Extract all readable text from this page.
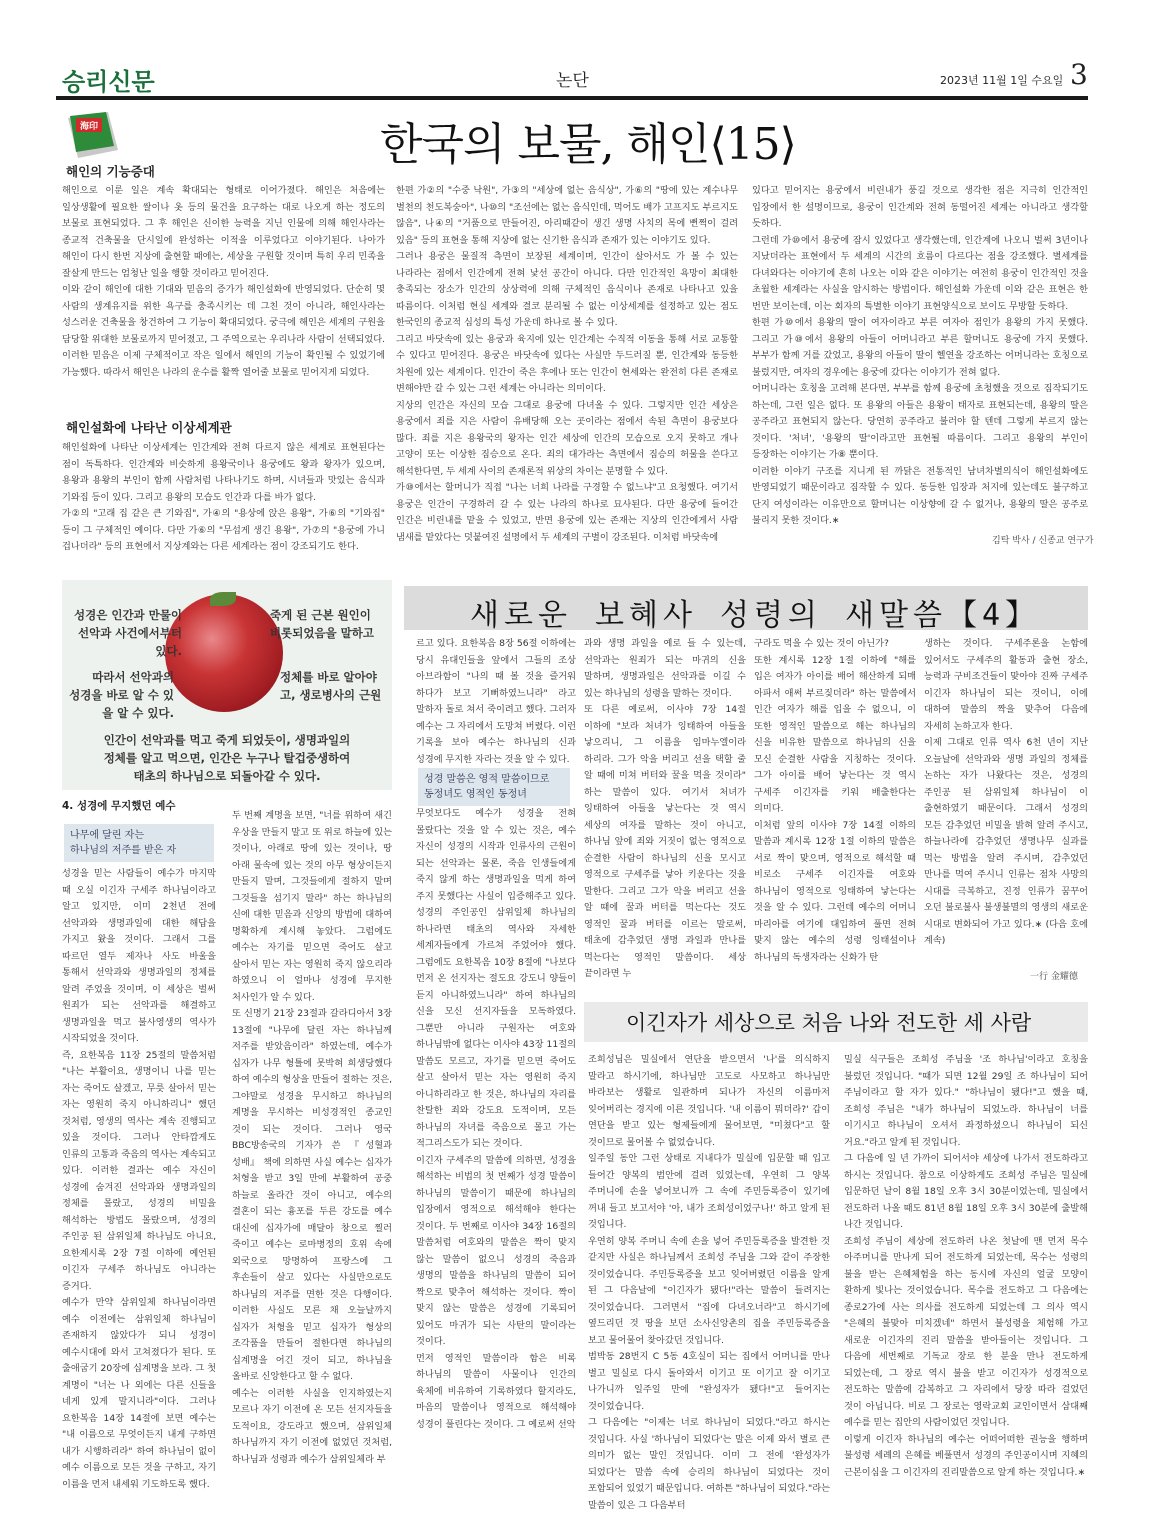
승리신문	논단	2023년 11월 1일 수요일 3
海印	한국의 보물, 해인⟨15⟩
해인의 기능증대
해인으로 이룬 일은 계속 확대되는 형태로 이어가졌다. 해인은 처음에는 일상생활에 필요한 쌀이나 옷 등의 물건을 요구하는 대로 나오게 하는 정도의 보물로 표현되었다. 그 후 해인은 신이한 능력을 지닌 인물에 의해 해인사라는 종교적 건축물을 단시일에 완성하는 이적을 이루었다고 이야기된다. 나아가 해인이 다시 한번 지상에 출현할 때에는, 세상을 구원할 것이며 특히 우리 민족을 잘살게 만드는 엄청난 일을 행할 것이라고 믿어진다.
이와 같이 해인에 대한 기대와 믿음의 증가가 해인설화에 반영되었다. 단순히 몇 사람의 생계유지를 위한 욕구를 충족시키는 데 그친 것이 아니라, 해인사라는 성스러운 건축물을 창건하여 그 기능이 확대되었다. 궁극에 해인은 세계의 구원을 담당할 위대한 보물로까지 믿어졌고, 그 주역으로는 우리나라 사람이 선택되었다. 이러한 믿음은 이제 구체적이고 작은 일에서 해인의 기능이 확인될 수 있었기에 가능했다. 따라서 해인은 나라의 운수를 활짝 열어줄 보물로 믿어지게 되었다.
해인설화에 나타난 이상세계관
해인설화에 나타난 이상세계는 인간계와 전혀 다르지 않은 세계로 표현된다는 점이 독특하다. 인간계와 비슷하게 용왕국이나 용궁에도 왕과 왕자가 있으며, 용왕과 용왕의 부인이 함께 사람처럼 나타나기도 하며, 시녀들과 맛있는 음식과 기와집 등이 있다. 그리고 용왕의 모습도 인간과 다를 바가 없다.
가②의 "고래 집 같은 큰 기와집", 가④의 "용상에 앉은 용왕", 가⑥의 "기와집" 등이 그 구체적인 예이다. 다만 가⑥의 "무섭게 생긴 용왕", 가⑦의 "용궁에 가니 겁나더라" 등의 표현에서 지상계와는 다른 세계라는 점이 강조되기도 한다.
한편 가②의 "수중 낙원", 가③의 "세상에 없는 음식상", 가⑥의 "땅에 있는 계수나무 별천의 천도복숭아", 나⑩의 "조선에는 없는 음식인데, 먹어도 배가 고프지도 부르지도 않음", 나④의 "거품으로 만들어진, 아리때같이 생긴 생명 사치의 목에 뻔쩍이 걸려 있음" 등의 표현을 통해 지상에 없는 신기한 음식과 존재가 있는 이야기도 있다.
그러나 용궁은 물질적 측면이 보장된 세계이며, 인간이 살아서도 가 볼 수 있는 나라라는 점에서 인간에게 전혀 낯선 공간이 아니다. 다만 인간적인 욕망이 최대한 충족되는 장소가 인간의 상상력에 의해 구체적인 음식이나 존재로 나타나고 있을 따름이다. 이처럼 현실 세계와 결코 분리될 수 없는 이상세계를 설정하고 있는 점도 한국인의 종교적 심성의 특성 가운데 하나로 볼 수 있다.
그리고 바닷속에 있는 용궁과 육지에 있는 인간계는 수직적 이동을 통해 서로 교통할 수 있다고 믿어진다. 용궁은 바닷속에 있다는 사실만 두드러질 뿐, 인간계와 동등한 차원에 있는 세계이다. 인간이 죽은 후에나 또는 인간이 현세와는 완전히 다른 존재로 변해야만 갈 수 있는 그런 세계는 아니라는 의미이다.
지상의 인간은 자신의 모습 그대로 용궁에 다녀올 수 있다. 그렇지만 인간 세상은 용궁에서 죄를 지은 사람이 유배당해 오는 곳이라는 점에서 속된 측면이 용궁보다 많다. 죄를 지은 용왕국의 왕자는 인간 세상에 인간의 모습으로 오지 못하고 개나 고양이 또는 이상한 짐승으로 온다. 죄의 대가라는 측면에서 짐승의 허물을 쓴다고 해석한다면, 두 세계 사이의 존재론적 위상의 차이는 분명할 수 있다.
가⑩에서는 할머니가 직접 "나는 너희 나라를 구경할 수 없느냐"고 요청했다. 여기서 용궁은 인간이 구경하러 갈 수 있는 나라의 하나로 묘사된다. 다만 용궁에 들어간 인간은 비린내를 맡을 수 있었고, 반면 용궁에 있는 존재는 지상의 인간에게서 사람 냄새를 맡았다는 덧붙여진 설명에서 두 세계의 구별이 강조된다. 이처럼 바닷속에
있다고 믿어지는 용궁에서 비린내가 풍길 것으로 생각한 점은 지극히 인간적인 입장에서 한 설명이므로, 용궁이 인간계와 전혀 동떨어진 세계는 아니라고 생각할 듯하다.
그런데 가⑩에서 용궁에 잠시 있었다고 생각했는데, 인간계에 나오니 벌써 3년이나 지났더라는 표현에서 두 세계의 시간의 흐름이 다르다는 점을 강조했다. 별세계를 다녀와다는 이야기에 흔히 나오는 이와 같은 이야기는 여전히 용궁이 인간적인 것을 초월한 세계라는 사실을 암시하는 방법이다. 해인설화 가운데 이와 같은 표현은 한 번만 보이는데, 이는 회자의 특별한 이야기 표현양식으로 보이도 무방할 듯하다.
한편 가⑩에서 용왕의 딸이 여자이라고 부른 여자아 점인가 용왕의 가지 못했다. 그리고 가⑩에서 용왕의 아들이 어머니라고 부른 할머니도 용궁에 가지 못했다. 부부가 함께 거를 갔었고, 용왕의 아들이 딸이 헬연을 강조하는 어머니라는 호칭으로 불렀지만, 여자의 경우에는 용궁에 갔다는 이야기가 전혀 없다.
어머니라는 호칭을 고려해 본다면, 부부를 함께 용궁에 초청했을 것으로 짐작되기도 하는데, 그런 일은 없다. 또 용왕의 아들은 용왕이 태자로 표현되는데, 용왕의 딸은 공주라고 표현되지 않는다. 당연히 공주라고 불러야 할 텐데 그렇게 부르지 않는 것이다. '처녀', '용왕의 딸'이라고만 표현될 따름이다. 그리고 용왕의 부인이 등장하는 이야기는 가⑧ 뿐이다.
이러한 이야기 구조를 지니게 된 까닭은 전통적인 남녀차별의식이 해인설화에도 반영되었기 때문이라고 짐작할 수 있다. 동등한 입장과 처지에 있는데도 불구하고 단지 여성이라는 이유만으로 할머니는 이상향에 갈 수 없거나, 용왕의 딸은 공주로 불리지 못한 것이다.∗
김탁 박사 / 신종교 연구가
성경은 인간과 만물이
선악과 사건에서부터
있다.
죽게 된 근본 원인이
비롯되었음을 말하고
따라서 선악과의
성경을 바로 알 수 있
을 알 수 있다.
정체를 바로 알아야
고, 생로병사의 근원
인간이 선악과를 먹고 죽게 되었듯이, 생명과일의
정체를 알고 먹으면, 인간은 누구나 탈겁중생하여
태초의 하나님으로 되돌아갈 수 있다.
새로운 보혜사 성령의 새말씀【4】
4. 성경에 무지했던 예수
나무에 달린 자는
하나님의 저주를 받은 자
성경을 믿는 사람들이 예수가 마지막 때 오실 이긴자 구세주 하나님이라고 알고 있지만, 이미 2천년 전에 선악과와 생명과일에 대한 해답을 가지고 왔을 것이다. 그래서 그를 따르던 열두 제자나 사도 바울을 통해서 선악과와 생명과일의 정체를 알려 주었을 것이며, 이 세상은 벌써 원죄가 되는 선악과를 해결하고 생명과일을 먹고 불사영생의 역사가 시작되었을 것이다.
즉, 요한복음 11장 25절의 말씀처럼 "나는 부활이요, 생명이니 나를 믿는 자는 죽어도 살겠고, 무릇 살아서 믿는 자는 영원히 죽지 아니하리니" 했던 것처럼, 영생의 역사는 계속 진행되고 있을 것이다. 그러나 안타깝게도 인류의 고통과 죽음의 역사는 계속되고 있다. 이러한 결과는 예수 자신이 성경에 숨겨진 선악과와 생명과일의 정체를 몰랐고, 성경의 비밀을 해석하는 방법도 몰랐으며, 성경의 주인공 된 삼위일체 하나님도 아니요, 요한계시록 2장 7절 이하에 예언된 이긴자 구세주 하나님도 아니라는 증거다.
예수가 만약 삼위일체 하나님이라면 예수 이전에는 삼위일체 하나님이 존재하지 않았다가 되니 성경이 예수시대에 와서 고쳐졌다가 된다. 또 출애굽기 20장에 십계명을 보라. 그 첫 계명이 "너는 나 외에는 다른 신들을 네게 있게 말지니라"이다. 그러나 요한복음 14장 14절에 보면 예수는 "내 이름으로 무엇이든지 내게 구하면 내가 시행하리라" 하여 하나님이 없이 예수 이름으로 모든 것을 구하고, 자기 이름을 먼저 내세워 기도하도록 했다.
두 번째 계명을 보면, "너를 위하여 새긴 우상을 만들지 말고 또 위로 하늘에 있는 것이나, 아래로 땅에 있는 것이나, 땅 아래 물속에 있는 것의 아무 형상이든지 만들지 말며, 그것들에게 절하지 말며 그것들을 섬기지 말라" 하는 하나님의 신에 대한 믿음과 신앙의 방법에 대하여 명확하게 계시해 놓았다. 그럼에도 예수는 자기를 믿으면 죽어도 살고 살아서 믿는 자는 영원히 죽지 않으리라 하였으니 이 얼마나 성경에 무지한 처사인가 알 수 있다.
또 신명기 21장 23절과 갈라디아서 3장 13절에 "나무에 달린 자는 하나님께 저주를 받았음이라" 하였는데, 예수가 십자가 나무 형틀에 못박혀 희생당했다 하여 예수의 형상을 만들어 절하는 것은, 그야말로 성경을 무시하고 하나님의 계명을 무시하는 비성경적인 종교인 것이 되는 것이다. 그러나 영국 BBC방송국의 기자가 쓴 『성혈과 성배』 책에 의하면 사실 예수는 십자가 처형을 받고 3일 만에 부활하여 공중 하늘로 올라간 것이 아니고, 예수의 결혼이 되는 흉포를 두른 강도를 예수 대신에 십자가에 매달아 창으로 찔러 죽이고 예수는 로마병정의 호위 속에 외국으로 망명하여 프랑스에 그 후손들이 살고 있다는 사실만으로도 하나님의 저주를 면한 것은 다행이다. 이러한 사실도 모른 채 오늘날까지 십자가 처형을 믿고 십자가 형상의 조각품을 만들어 절한다면 하나님의 십계명을 어긴 것이 되고, 하나님을 올바로 신앙한다고 할 수 없다.
예수는 이러한 사실을 인지하였는지 모르나 자기 이전에 온 모든 선지자들을 도적이요, 강도라고 했으며, 삼위일체 하나님까지 자기 이전에 없었던 것처럼, 하나님과 성령과 예수가 삼위일체라 부
르고 있다. 요한복음 8장 56절 이하에는 당시 유대인들을 앞에서 그들의 조상 아브라함이 "나의 때 볼 것을 즐거워 하다가 보고 기뻐하였느니라" 라고 말하자 돌로 쳐서 죽이려고 했다. 그러자 예수는 그 자리에서 도망쳐 버렸다. 이런 기록을 보아 예수는 하나님의 신과 성경에 무지한 자라는 것을 알 수 있다.
성경 말씀은 영적 말씀이므로
동정녀도 영적인 동정녀
무엇보다도 예수가 성경을 전혀 몰랐다는 것을 알 수 있는 것은, 예수 자신이 성경의 시작과 인류사의 근원이 되는 선악과는 물론, 죽음 인생들에게 죽지 않게 하는 생명과일을 먹게 하여 주지 못했다는 사실이 입증해주고 있다. 성경의 주인공인 삼위일체 하나님의 하나라면 태초의 역사와 자세한 세계자들에게 가르쳐 주었어야 했다. 그럼에도 요한복음 10장 8절에 "나보다 먼저 온 선지자는 절도요 강도니 양들이 듣지 아니하였느니라" 하여 하나님의 신을 모신 선지자들을 모독하였다. 그뿐만 아니라 구원자는 여호와 하나님밖에 없다는 이사야 43장 11절의 말씀도 모르고, 자기를 믿으면 죽어도 살고 살아서 믿는 자는 영원히 죽지 아니하리라고 한 것은, 하나님의 자리를 찬탈한 죄와 강도요 도적이며, 모든 하나님의 자녀를 죽음으로 몰고 가는 적그리스도가 되는 것이다.
이긴자 구세주의 말씀에 의하면, 성경을 해석하는 비법의 첫 번째가 성경 말씀이 하나님의 말씀이기 때문에 하나님의 입장에서 영적으로 해석해야 한다는 것이다. 두 번째로 이사야 34장 16절의 말씀처럼 여호와의 말씀은 짝이 맞지 않는 말씀이 없으니 성경의 죽음과 생명의 말씀을 하나님의 말씀이 되어 짝으로 맞추어 해석하는 것이다. 짝이 맞지 않는 말씀은 성경에 기록되어 있어도 마귀가 되는 사탄의 말이라는 것이다.
먼저 영적인 말씀이라 함은 비록 하나님의 말씀이 사물이나 인간의 육체에 비유하여 기록하였다 할지라도, 마음의 말씀이나 영적으로 해석해야 성경이 풀린다는 것이다. 그 예로써 선악
과와 생명 과일을 예로 들 수 있는데, 선악과는 원죄가 되는 마귀의 신을 말하며, 생명과일은 선악과를 이길 수 있는 하나님의 성령을 말하는 것이다.
또 다른 예로써, 이사야 7장 14절 이하에 "보라 처녀가 잉태하여 아들을 낳으리니, 그 이름을 임마누엘이라 하리라. 그가 악을 버리고 선을 택할 줄 알 때에 미쳐 버터와 꿀을 먹을 것이라" 하는 말씀이 있다. 여기서 처녀가 잉태하여 아들을 낳는다는 것 역시 세상의 여자를 말하는 것이 아니고, 하나님 앞에 죄와 거짓이 없는 영적으로 순결한 사람이 하나님의 신을 모시고 영적으로 구세주를 낳아 키운다는 것을 말한다. 그리고 그가 악을 버리고 선을 알 때에 꿀과 버터를 먹는다는 것도 영적인 꿀과 버터를 이르는 말로써, 태초에 감추었던 생명 과일과 만나를 먹는다는 영적인 말씀이다. 세상 끝이라면 누
구라도 먹을 수 있는 것이 아닌가?
또한 계시록 12장 1절 이하에 "해를 입은 여자가 아이를 배어 해산하게 되매 아파서 애써 부르짖더라" 하는 말씀에서 인간 여자가 해를 입을 수 없으니, 이 또한 영적인 말씀으로 해는 하나님의 신을 비유한 말씀으로 하나님의 신을 모신 순결한 사람을 지칭하는 것이다. 그가 아이를 배어 낳는다는 것 역시 구세주 이긴자를 키워 배출한다는 의미다.
이처럼 앞의 이사야 7장 14절 이하의 말씀과 계시록 12장 1절 이하의 말씀은 서로 짝이 맞으며, 영적으로 해석할 때 비로소 구세주 이긴자를 여호와 하나님이 영적으로 잉태하여 낳는다는 것을 알 수 있다. 그런데 예수의 어머니 마리아를 여기에 대입하여 풀면 전혀 맞지 않는 예수의 성령 잉태설이나 하나님의 독생자라는 신화가 탄
생하는 것이다. 구세주론을 논함에 있어서도 구세주의 활동과 출현 장소, 능력과 구비조건들이 맞아야 진짜 구세주 이긴자 하나님이 되는 것이니, 이에 대하여 말씀의 짝을 맞추어 다음에 자세히 논하고자 한다.
이제 그대로 인류 역사 6천 년이 지난 오늘날에 선악과와 생명 과일의 정체를 논하는 자가 나왔다는 것은, 성경의 주인공 된 삼위일체 하나님이 이 출현하였기 때문이다. 그래서 성경의 모든 감추었던 비밀을 밝혀 알려 주시고, 하늘나라에 감추었던 생명나무 실과를 먹는 방법을 알려 주시며, 감추었던 만나를 먹여 주시니 인류는 점차 사망의 시대를 극복하고, 진정 인류가 꿈꾸어 오던 불로불사 불생불멸의 영생의 새로운 시대로 변화되어 가고 있다.∗ (다음 호에 계속)
一行 金耀德
이긴자가 세상으로 처음 나와 전도한 세 사람
조희성님은 밀실에서 연단을 받으면서 '나'를 의식하지 말라고 하시기에, 하나님만 고도로 사모하고 하나님만 바라보는 생활로 일관하며 되나가 자신의 이름마저 잊어버리는 경지에 이른 것입니다. '내 이름이 뭐더라?' 갑이 연단을 받고 있는 형제들에게 물어보면, "미쳤다"고 할 것이므로 물어볼 수 없었습니다.
일주일 동안 그런 상태로 지내다가 밀실에 입문할 때 입고 들어간 양복의 범안에 걸려 있었는데, 우연히 그 양복 주머니에 손을 넣어보니까 그 속에 주민등록증이 있기에 꺼내 들고 보고서야 '아, 내가 조희성이었구나!' 하고 알게 된 것입니다.
우연히 양복 주머니 속에 손을 넣어 주민등록증을 발견한 것 같지만 사실은 하나님께서 조희성 주님을 그와 같이 주장한 것이었습니다. 주민등록증을 보고 잊어버렸던 이름을 알게 된 그 다음날에 "이긴자가 됐다!"라는 말씀이 들려지는 것이었습니다. 그러면서 "집에 다녀오너라"고 하시기에 옆드리던 것 땅을 보던 소사신앙촌의 집을 주민등록증을 보고 물어물어 찾아갔던 것입니다.
범박동 28번지 C 5동 4호실이 되는 집에서 어머니를 만나 별고 밀실로 다시 돌아와서 이기고 또 이기고 잘 이기고 나가니까 일주일 만에 "완성자가 됐다!"고 들어지는 것이었습니다.
그 다음에는 "이제는 너로 하나님이 되었다."라고 하시는 것입니다. 사실 '하나님이 되었다'는 말은 이제 와서 별로 큰 의미가 없는 말인 것입니다. 이미 그 전에 '완성자가 되었다'는 말씀 속에 승리의 하나님이 되었다는 것이 포함되어 있었기 때문입니다. 여하튼 "하나님이 되었다."라는 말씀이 있은 그 다음부터
밀실 식구들은 조희성 주님을 '조 하나님'이라고 호칭을 불렀던 것입니다. "때가 되면 12월 29일 조 하나님이 되어 주님이라고 할 자가 있다." "하나님이 됐다!"고 했을 때, 조희성 주님은 "내가 하나님이 되었노라. 하나님이 너를 이기시고 하나님이 오셔서 좌정하셨으니 하나님이 되신 거요."라고 알게 된 것입니다.
그 다음에 일 년 가까이 되어서야 세상에 나가서 전도하라고 하시는 것입니다. 참으로 이상하게도 조희성 주님은 밀실에 입문하던 날이 8월 18일 오후 3시 30분이었는데, 밀실에서 전도하러 나올 때도 81년 8월 18일 오후 3시 30분에 출발해 나간 것입니다.
조희성 주님이 세상에 전도하러 나온 첫날에 맨 먼저 목수 아주머니를 만나게 되어 전도하게 되었는데, 목수는 성령의 불을 받는 은혜체험을 하는 동시에 자신의 얼굴 모양이 환하게 빛나는 것이었습니다. 목수를 전도하고 그 다음에는 종로2가에 사는 의사를 전도하게 되었는데 그 의사 역시 "은혜의 불맞아 미치겠네" 하면서 불성령을 체험해 가고 새로운 이긴자의 진리 말씀을 받아들이는 것입니다. 그 다음에 세번째로 기독교 장로 한 분을 만나 전도하게 되었는데, 그 장로 역시 불을 받고 이긴자가 성경적으로 전도하는 말씀에 감복하고 그 자리에서 당장 따라 걸었던 것이 아닙니다. 비로 그 장로는 영락교회 교인이면서 삼대째 예수를 믿는 집안의 사람이었던 것입니다.
이렇게 이긴자 하나님의 예수는 어떠어떠한 권능을 행하며 불성령 세례의 은혜를 베풀면서 성경의 주인공이시며 지혜의 근본이심을 그 이긴자의 진리말씀으로 알게 하는 것입니다.∗
